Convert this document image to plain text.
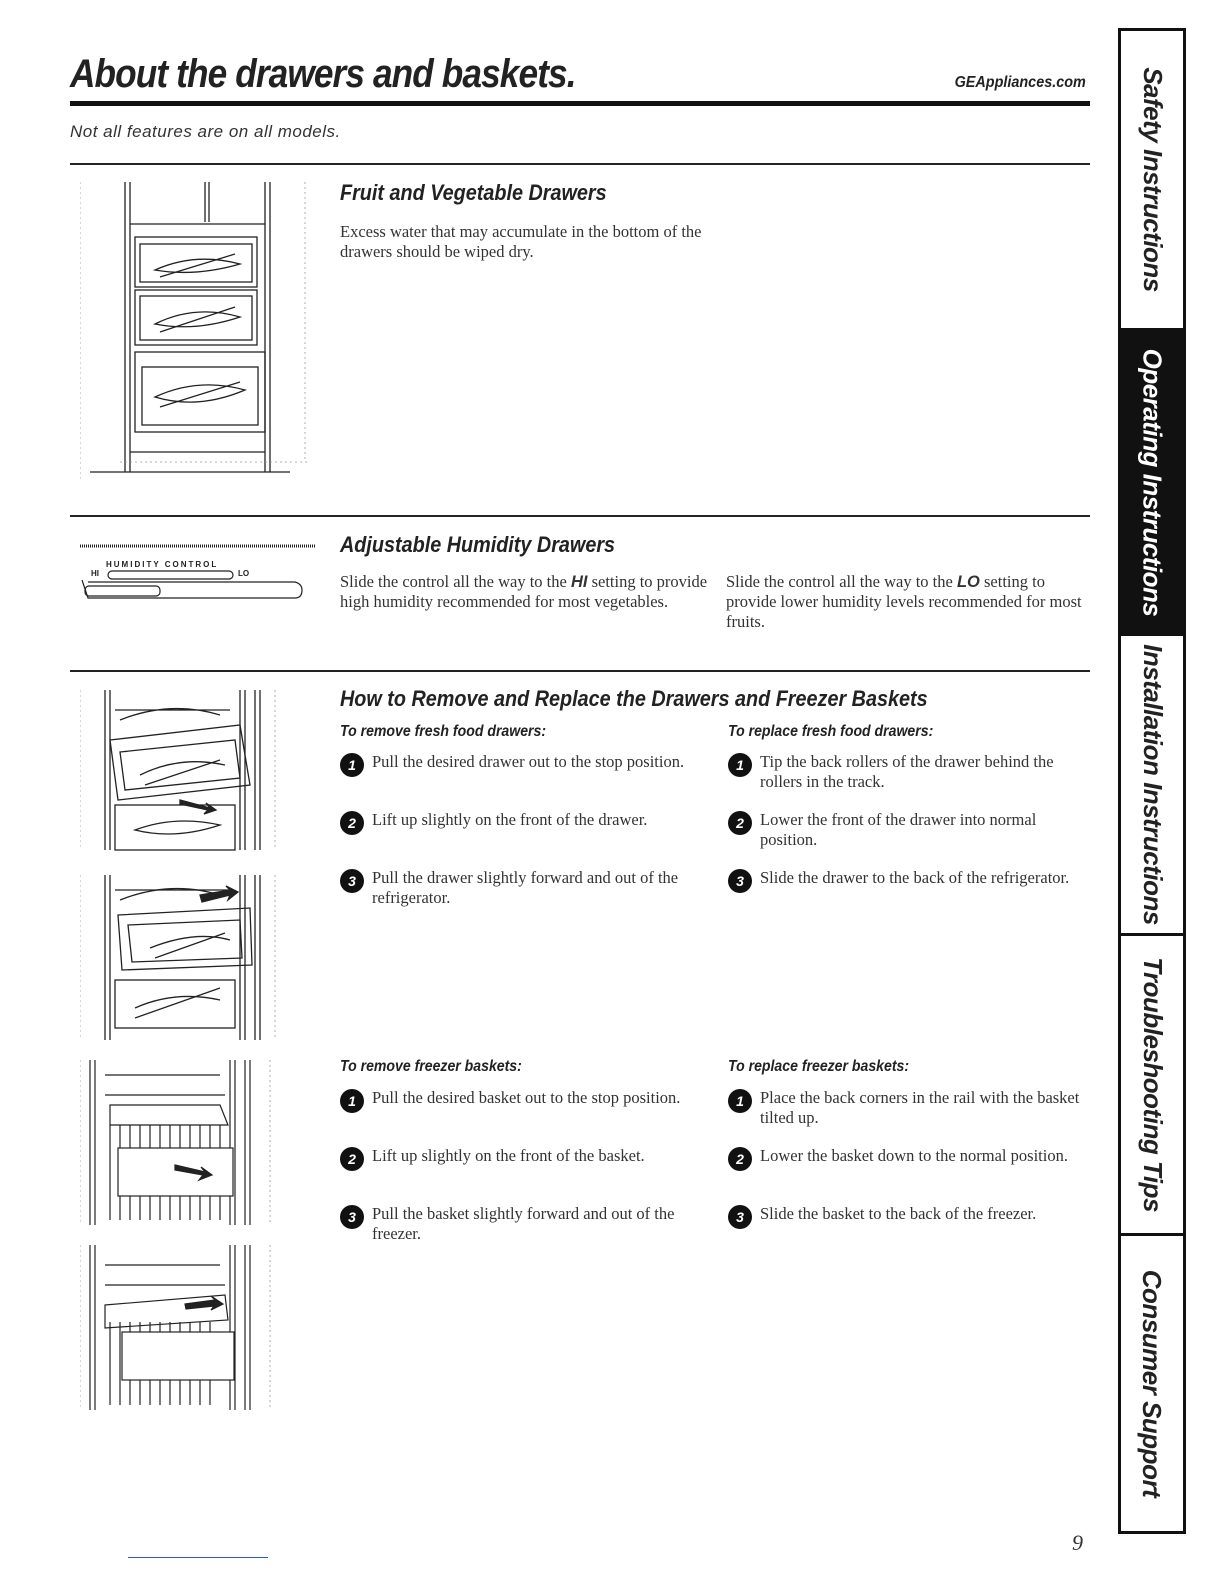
About the drawers and baskets.	GEAppliances.com
Not all features are on all models.
Fruit and Vegetable Drawers
Excess water that may accumulate in the bottom of the drawers should be wiped dry.
HUMIDITY CONTROL
HI	LO
Adjustable Humidity Drawers
Slide the control all the way to the HI setting to provide high humidity recommended for most vegetables.
Slide the control all the way to the LO setting to provide lower humidity levels recommended for most fruits.
How to Remove and Replace the Drawers and Freezer Baskets
To remove fresh food drawers:
1 Pull the desired drawer out to the stop position.
2 Lift up slightly on the front of the drawer.
3 Pull the drawer slightly forward and out of the refrigerator.
To replace fresh food drawers:
1 Tip the back rollers of the drawer behind the rollers in the track.
2 Lower the front of the drawer into normal position.
3 Slide the drawer to the back of the refrigerator.
To remove freezer baskets:
1 Pull the desired basket out to the stop position.
2 Lift up slightly on the front of the basket.
3 Pull the basket slightly forward and out of the freezer.
To replace freezer baskets:
1 Place the back corners in the rail with the basket tilted up.
2 Lower the basket down to the normal position.
3 Slide the basket to the back of the freezer.
Safety Instructions
Operating Instructions
Installation Instructions
Troubleshooting Tips
Consumer Support
9
